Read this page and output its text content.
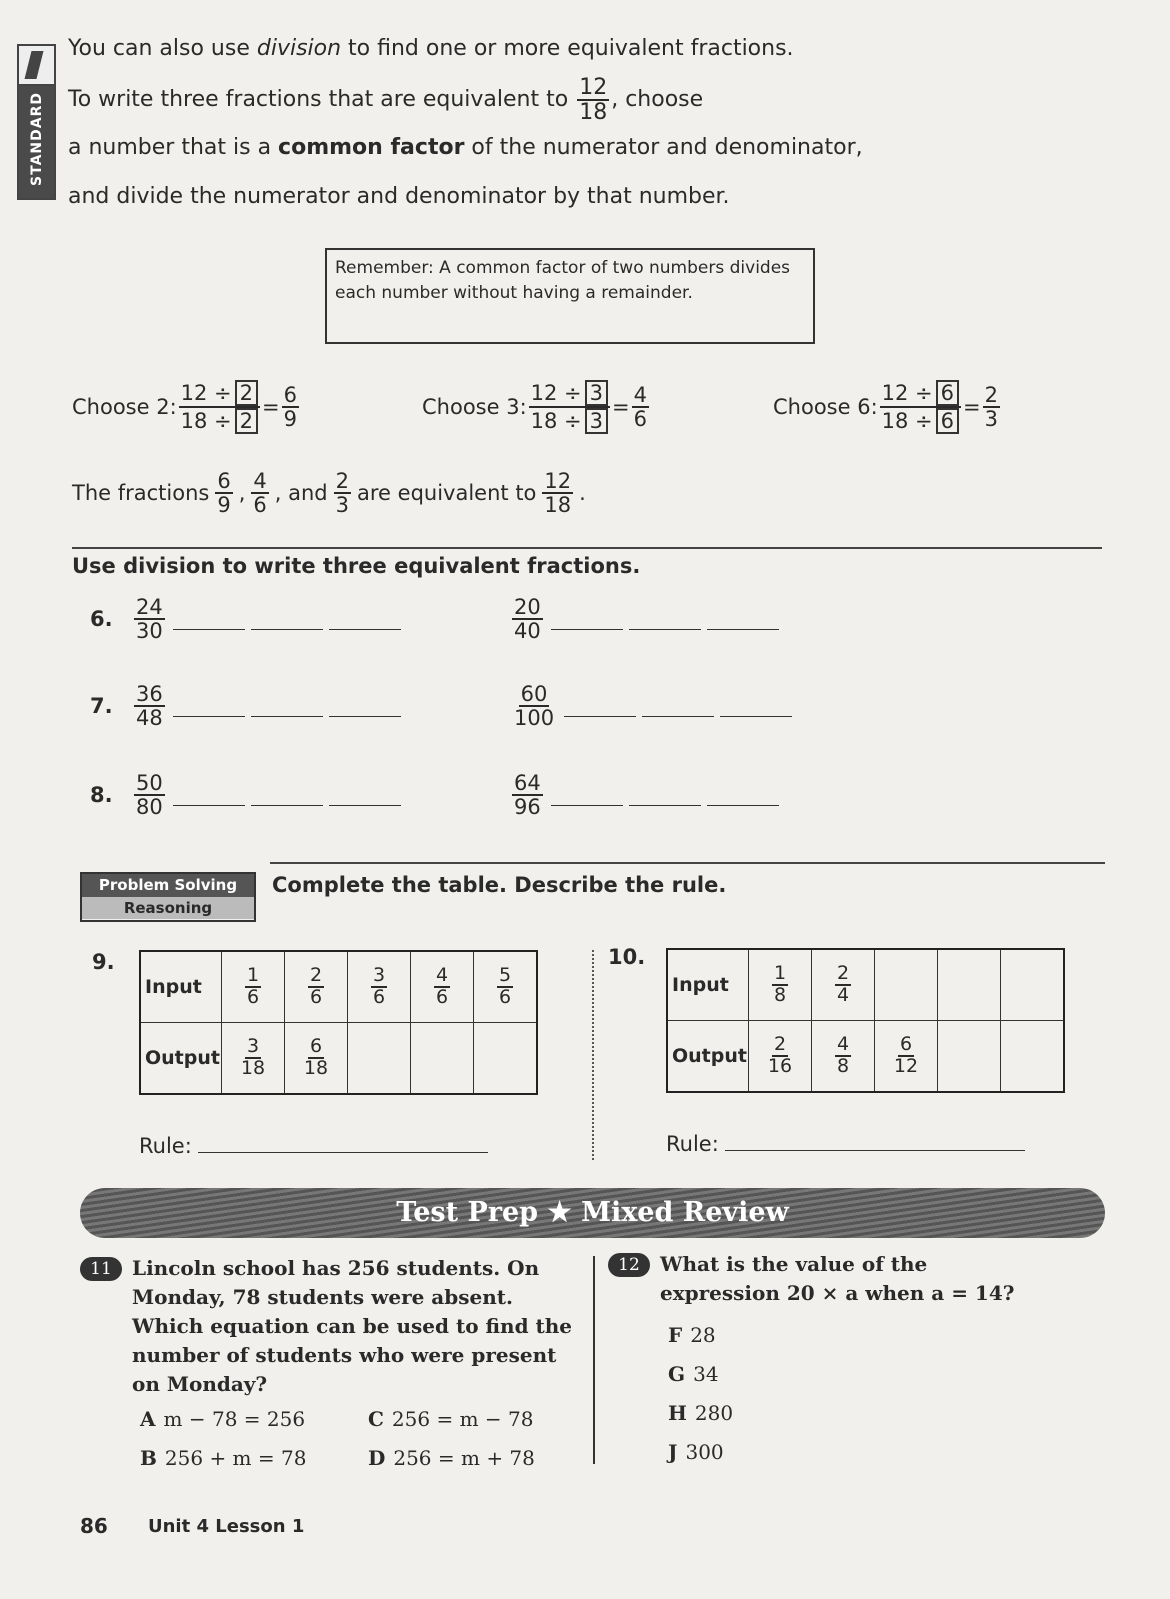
STANDARD
You can also use division to find one or more equivalent fractions.
To write three fractions that are equivalent to $\frac{12}{18}$ , choose
a number that is a common factor of the numerator and denominator,
and divide the numerator and denominator by that number.
Remember: A common factor of two numbers divides each number without having a remainder.
Choose 2: $\frac{12 \div 2}{18 \div 2} = \frac{6}{9}$	Choose 3: $\frac{12 \div 3}{18 \div 3} = \frac{4}{6}$	Choose 6: $\frac{12 \div 6}{18 \div 6} = \frac{2}{3}$
The fractions $\frac{6}{9}$ , $\frac{4}{6}$ , and $\frac{2}{3}$ are equivalent to $\frac{12}{18}$ .
Use division to write three equivalent fractions.
6.	$\frac{24}{30}$	$\frac{20}{40}$
7.	$\frac{36}{48}$	$\frac{60}{100}$
8.	$\frac{50}{80}$	$\frac{64}{96}$
Problem Solving
Reasoning
Complete the table. Describe the rule.
9.
Input	$\frac{1}{6}$	$\frac{2}{6}$	$\frac{3}{6}$	$\frac{4}{6}$	$\frac{5}{6}$

Output	$\frac{3}{18}$	$\frac{6}{18}$

Rule:
10.
Input	$\frac{1}{8}$	$\frac{2}{4}$

Output	$\frac{2}{16}$	$\frac{4}{8}$	$\frac{6}{12}$

Rule:
Test Prep ★ Mixed Review
11	Lincoln school has 256 students. On Monday, 78 students were absent. Which equation can be used to find the number of students who were present on Monday?
A m − 78 = 256	C 256 = m − 78
B 256 + m = 78	D 256 = m + 78
12	What is the value of the expression 20 × a when a = 14?
F 28
G 34
H 280
J 300
86 Unit 4 Lesson 1
